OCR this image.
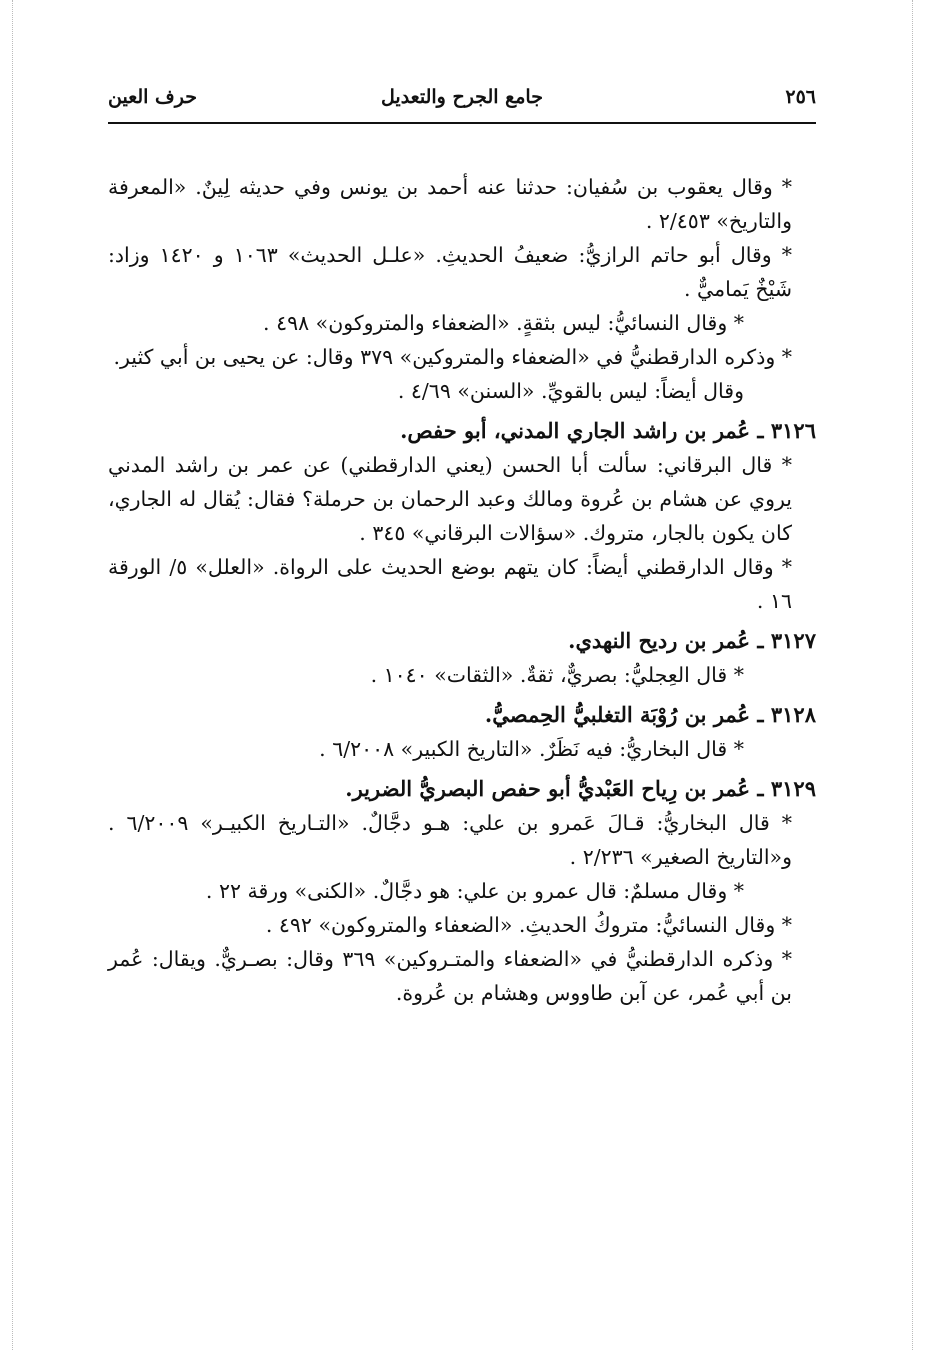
٢٥٦
جامع الجرح والتعديل
حرف العين

* وقال يعقوب بن سُفيان: حدثنا عنه أحمد بن يونس وفي حديثه لِينٌ. «المعرفة والتاريخ» ٢/٤٥٣ .

* وقال أبو حاتم الرازيُّ: ضعيفُ الحديثِ. «علـل الحديث» ١٠٦٣ و ١٤٢٠ وزاد: شَيْخٌ يَماميٌّ .

* وقال النسائيُّ: ليس بثقةٍ. «الضعفاء والمتروكون» ٤٩٨ .

* وذكره الدارقطنيُّ في «الضعفاء والمتروكين» ٣٧٩ وقال: عن يحيى بن أبي كثير.

وقال أيضاً: ليس بالقويِّ. «السنن» ٤/٦٩ .

٣١٢٦ ـ عُمر بن راشد الجاري المدني، أبو حفص.

* قال البرقاني: سألت أبا الحسن (يعني الدارقطني) عن عمر بن راشد المدني يروي عن هشام بن عُروة ومالك وعبد الرحمان بن حرملة؟ فقال: يُقال له الجاري، كان يكون بالجار، متروك. «سؤالات البرقاني» ٣٤٥ .

* وقال الدارقطني أيضاً: كان يتهم بوضع الحديث على الرواة. «العلل» ٥/ الورقة ١٦ .

٣١٢٧ ـ عُمر بن رديح النهدي.

* قال العِجليُّ: بصريٌّ، ثقةٌ. «الثقات» ١٠٤٠ .

٣١٢٨ ـ عُمر بن رُوْبَة التغلبيُّ الحِمصيُّ.

* قال البخاريُّ: فيه نَظَرٌ. «التاريخ الكبير» ٦/٢٠٠٨ .

٣١٢٩ ـ عُمر بن رِياح العَبْديُّ أبو حفص البصريُّ الضرير.

* قال البخاريُّ: قـالَ عَمرو بن علي: هـو دجَّالٌ. «التـاريخ الكبيـر» ٦/٢٠٠٩ . و«التاريخ الصغير» ٢/٢٣٦ .

* وقال مسلمٌ: قال عمرو بن علي: هو دجَّالٌ. «الكنى» ورقة ٢٢ .

* وقال النسائيُّ: متروكُ الحديثِ. «الضعفاء والمتروكون» ٤٩٢ .

* وذكره الدارقطنيُّ في «الضعفاء والمتـروكين» ٣٦٩ وقال: بصـريٌّ. ويقال: عُمر بن أبي عُمر، عن آبن طاووس وهشام بن عُروة.
